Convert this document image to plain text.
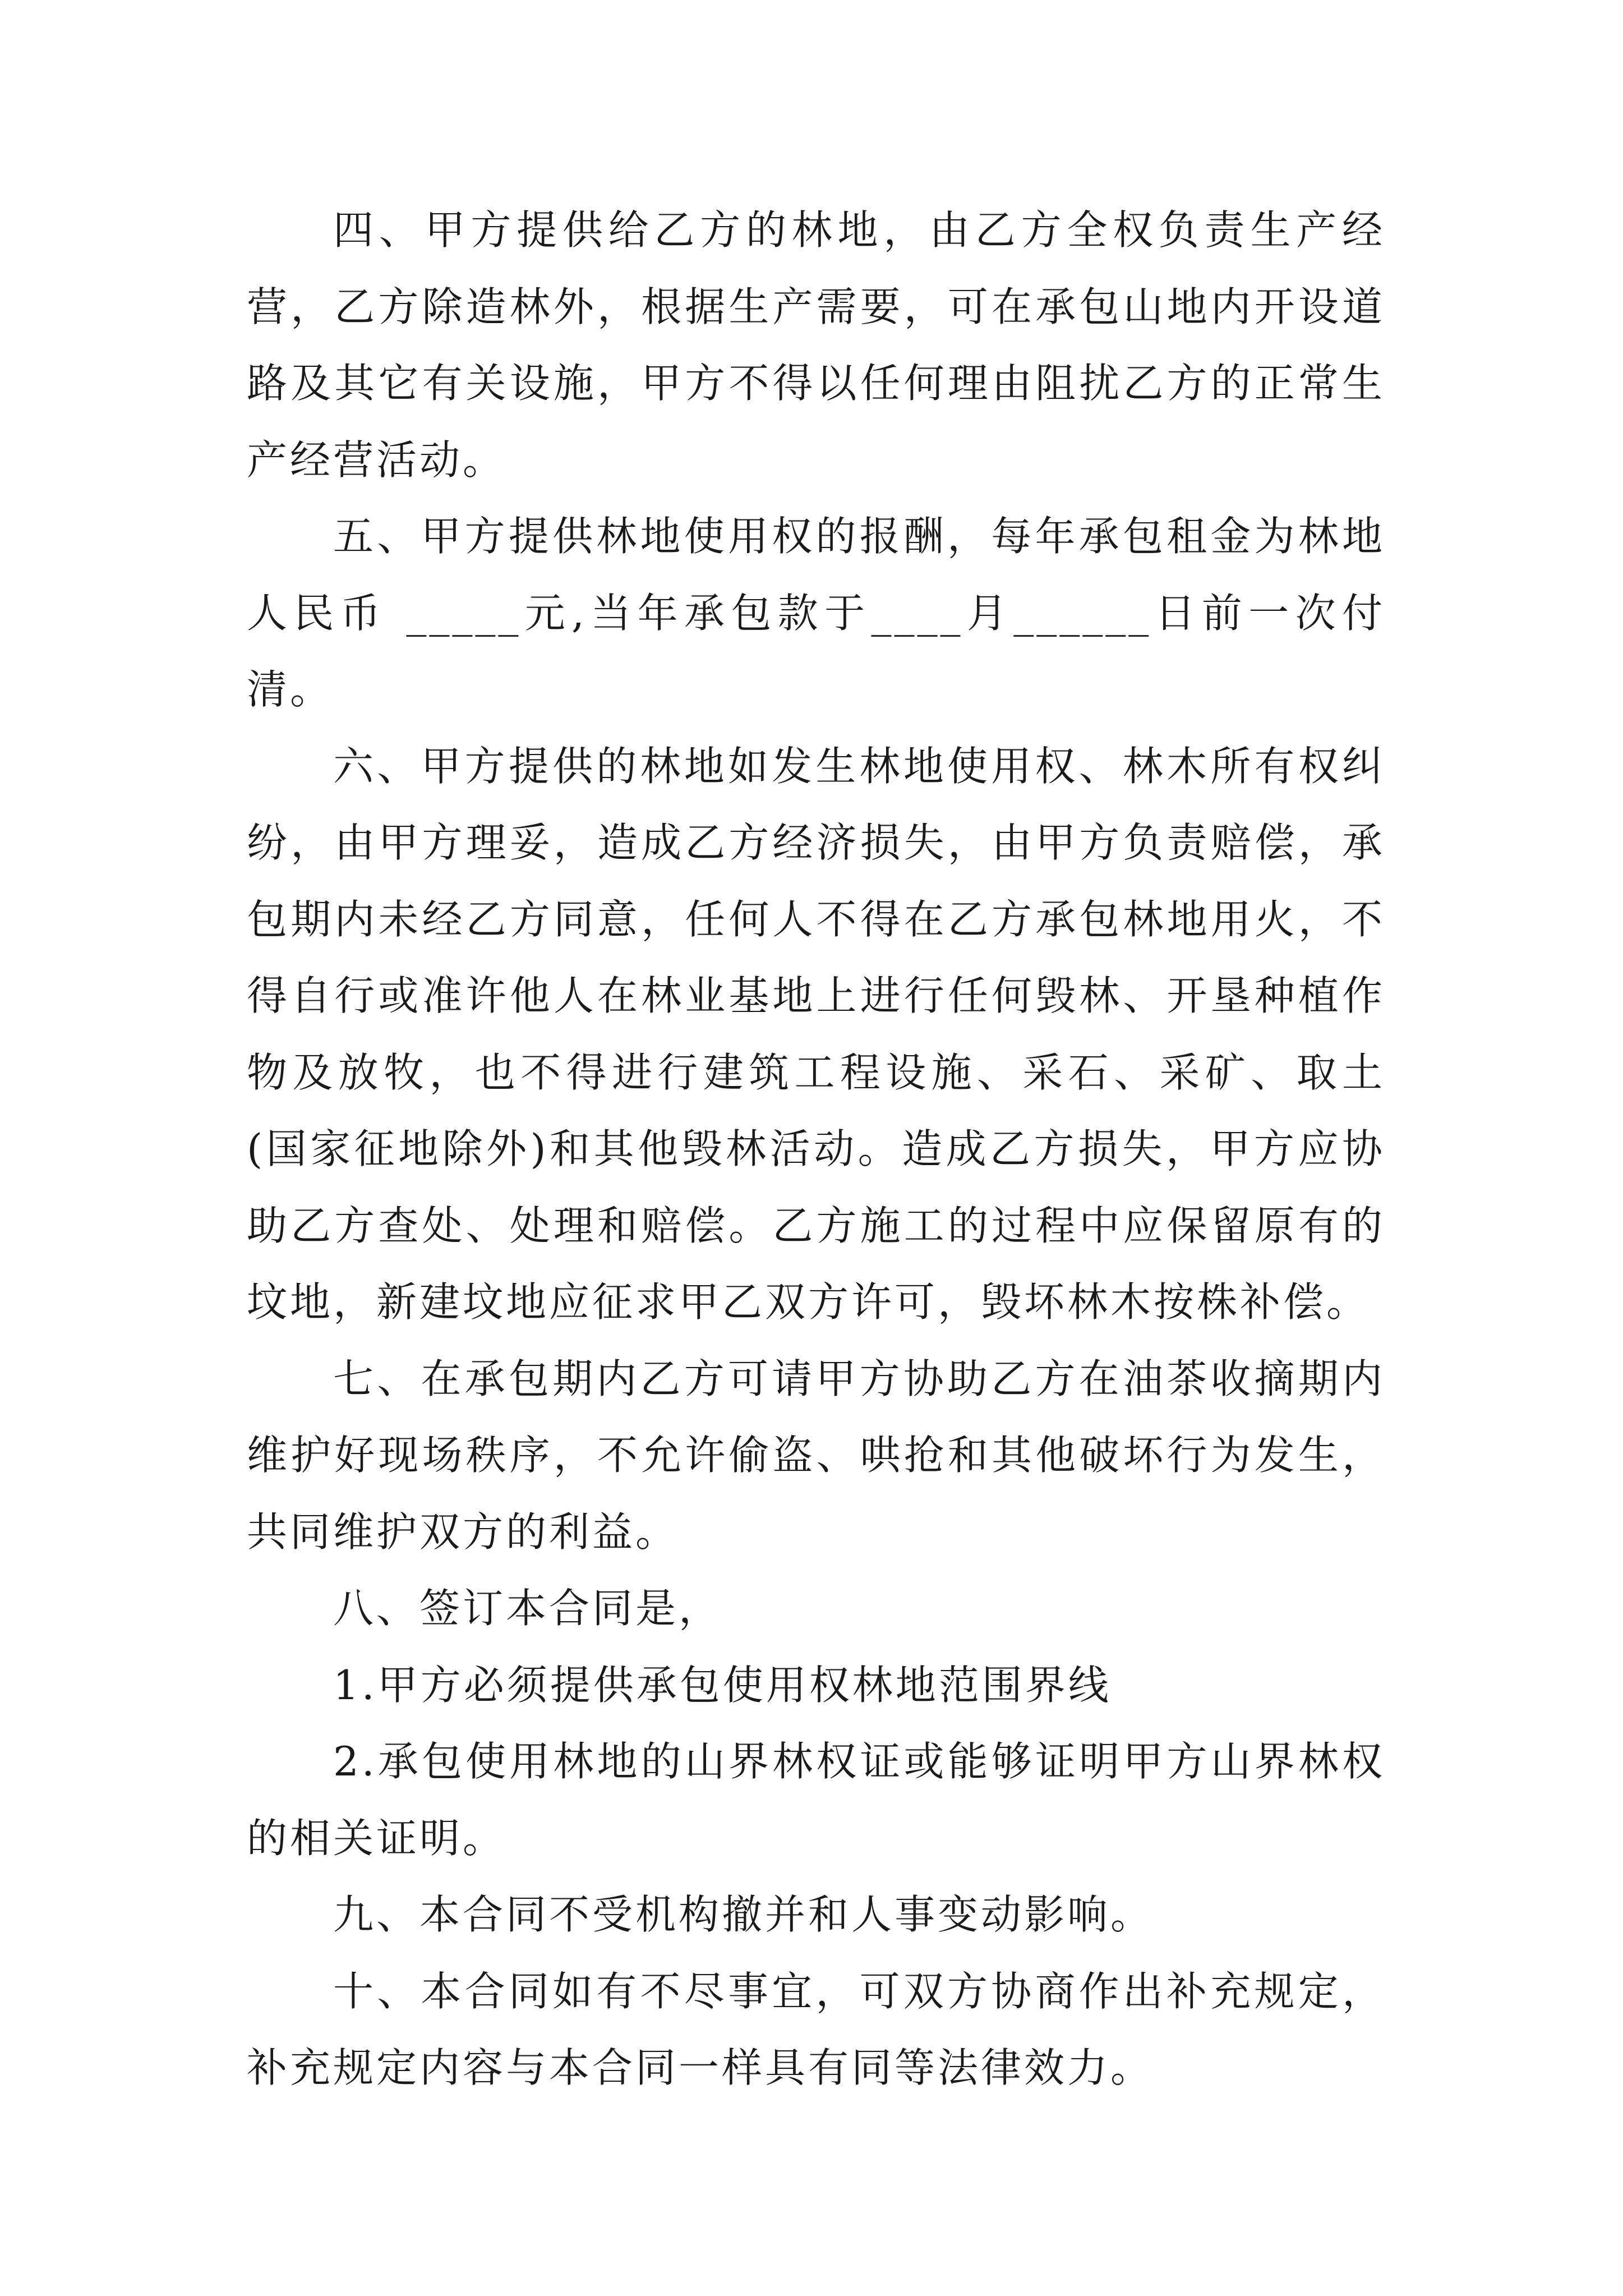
四、甲方提供给乙方的林地，由乙方全权负责生产经营，乙方除造林外，根据生产需要，可在承包山地内开设道路及其它有关设施，甲方不得以任何理由阻扰乙方的正常生产经营活动。

五、甲方提供林地使用权的报酬，每年承包租金为林地人民币 _____元,当年承包款于____月______日前一次付清。

六、甲方提供的林地如发生林地使用权、林木所有权纠纷，由甲方理妥，造成乙方经济损失，由甲方负责赔偿，承包期内未经乙方同意，任何人不得在乙方承包林地用火，不得自行或准许他人在林业基地上进行任何毁林、开垦种植作物及放牧，也不得进行建筑工程设施、采石、采矿、取土(国家征地除外)和其他毁林活动。造成乙方损失，甲方应协助乙方查处、处理和赔偿。乙方施工的过程中应保留原有的坟地，新建坟地应征求甲乙双方许可，毁坏林木按株补偿。

七、在承包期内乙方可请甲方协助乙方在油茶收摘期内维护好现场秩序，不允许偷盗、哄抢和其他破坏行为发生，共同维护双方的利益。

八、签订本合同是，

1.甲方必须提供承包使用权林地范围界线

2.承包使用林地的山界林权证或能够证明甲方山界林权的相关证明。

九、本合同不受机构撤并和人事变动影响。

十、本合同如有不尽事宜，可双方协商作出补充规定，补充规定内容与本合同一样具有同等法律效力。
